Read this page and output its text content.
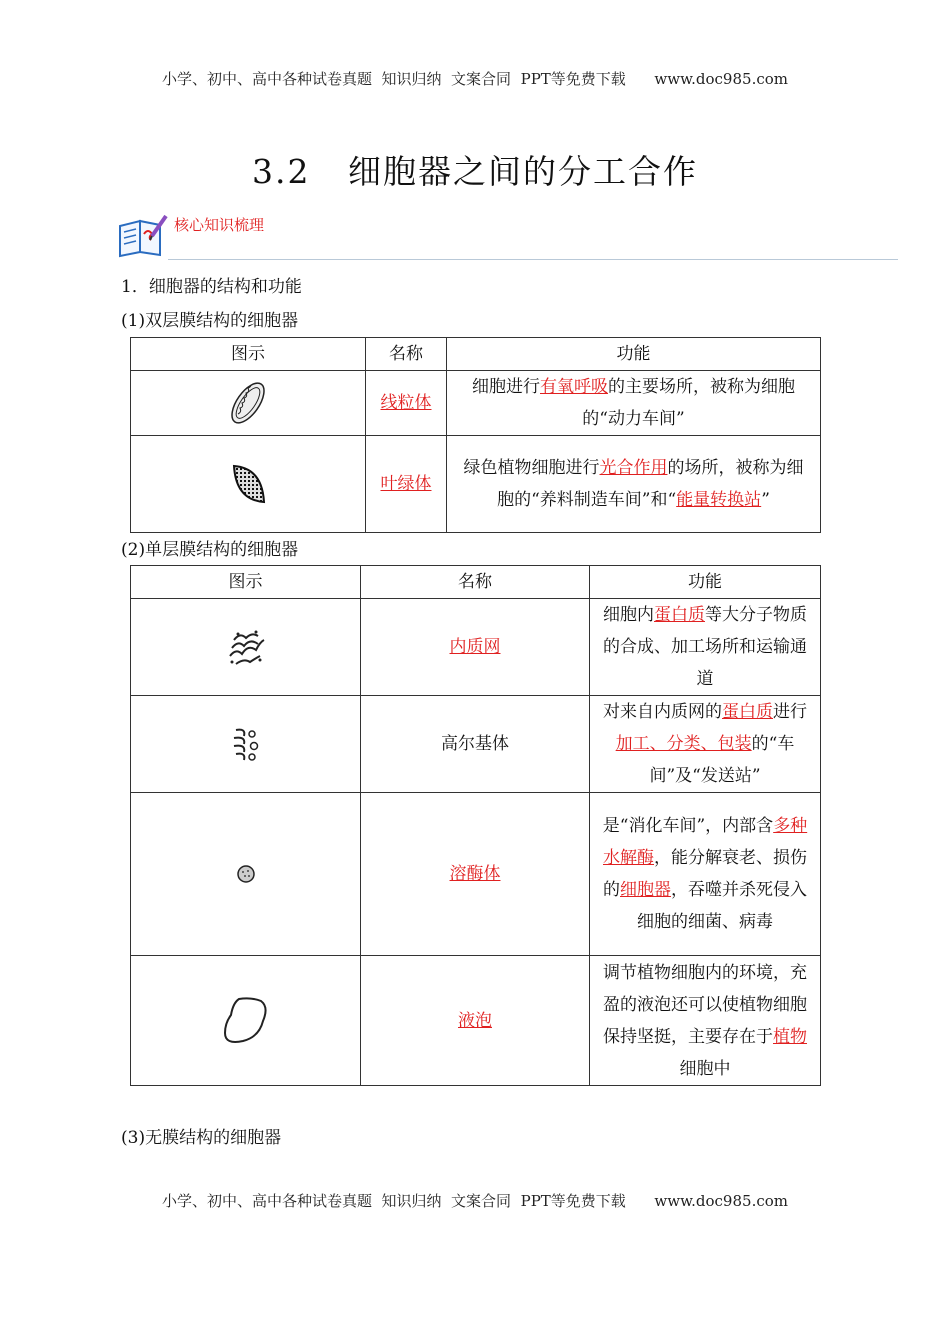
小学、初中、高中各种试卷真题  知识归纳  文案合同  PPT等免费下载      www.doc985.com
3.2   细胞器之间的分工合作
核心知识梳理
1．细胞器的结构和功能
(1)双层膜结构的细胞器
图示	名称	功能

	线粒体	细胞进行有氧呼吸的主要场所，被称为细胞的“动力车间”

	叶绿体	绿色植物细胞进行光合作用的场所，被称为细胞的“养料制造车间”和“能量转换站”
(2)单层膜结构的细胞器
图示	名称	功能

	内质网	细胞内蛋白质等大分子物质的合成、加工场所和运输通道

	高尔基体	对来自内质网的蛋白质进行加工、分类、包装的“车间”及“发送站”

	溶酶体	是“消化车间”，内部含多种水解酶，能分解衰老、损伤的细胞器，吞噬并杀死侵入细胞的细菌、病毒

	液泡	调节植物细胞内的环境，充盈的液泡还可以使植物细胞保持坚挺，主要存在于植物细胞中
(3)无膜结构的细胞器
小学、初中、高中各种试卷真题  知识归纳  文案合同  PPT等免费下载      www.doc985.com
